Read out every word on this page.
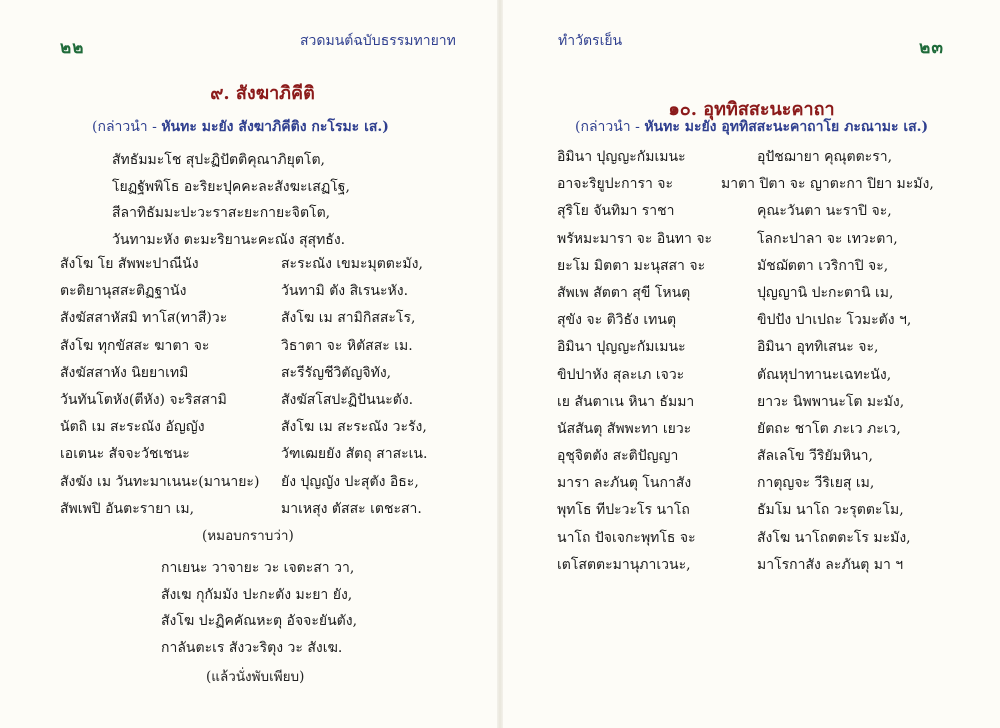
๒๒	สวดมนต์ฉบับธรรมทายาท
๙. สังฆาภิคีติ
(กล่าวนำ - หันทะ มะยัง สังฆาภิคีติง กะโรมะ เส.)
สัทธัมมะโช สุปะฏิปัตติคุณาภิยุตโต,
โยฏฐัพพิโธ อะริยะปุคคะละสังฆะเสฏโฐ,
สีลาทิธัมมะปะวะราสะยะกายะจิตโต,
วันทามะหัง ตะมะริยานะคะณัง สุสุทธัง.
สังโฆ โย สัพพะปาณีนัง	สะระณัง เขมะมุตตะมัง,
ตะติยานุสสะติฏฐานัง	วันทามิ ตัง สิเรนะหัง.
สังฆัสสาหัสมิ ทาโส(ทาสี)วะ	สังโฆ เม สามิกิสสะโร,
สังโฆ ทุกขัสสะ ฆาตา จะ	วิธาตา จะ หิตัสสะ เม.
สังฆัสสาหัง นิยยาเทมิ	สะรีรัญชีวิตัญจิทัง,
วันทันโตหัง(ตีหัง) จะริสสามิ	สังฆัสโสปะฏิปันนะตัง.
นัตถิ เม สะระณัง อัญญัง	สังโฆ เม สะระณัง วะรัง,
เอเตนะ สัจจะวัชเชนะ	วัฑเฒยยัง สัตถุ สาสะเน.
สังฆัง เม วันทะมาเนนะ(มานายะ) ยัง ปุญญัง ปะสุตัง อิธะ,
สัพเพปิ อันตะรายา เม,	มาเหสุง ตัสสะ เตชะสา.
(หมอบกราบว่า)
กาเยนะ วาจายะ วะ เจตะสา วา,
สังเฆ กุกัมมัง ปะกะตัง มะยา ยัง,
สังโฆ ปะฏิคคัณหะตุ อัจจะยันตัง,
กาลันตะเร สังวะริตุง วะ สังเฆ.
(แล้วนั่งพับเพียบ)
๒๓
ทำวัตรเย็น
๑๐. อุททิสสะนะคาถา
(กล่าวนำ - หันทะ มะยัง อุททิสสะนะคาถาโย ภะณามะ เส.)
อิมินา ปุญญะกัมเมนะ	อุปัชฌายา คุณุตตะรา,
อาจะริยูปะการา จะ	มาตา ปิตา จะ ญาตะกา ปิยา มะมัง,
สุริโย จันทิมา ราชา	คุณะวันตา นะราปิ จะ,
พรัหมะมารา จะ อินทา จะ	โลกะปาลา จะ เทวะตา,
ยะโม มิตตา มะนุสสา จะ	มัชฌัตตา เวริกาปิ จะ,
สัพเพ สัตตา สุขี โหนตุ	ปุญญานิ ปะกะตานิ เม,
สุขัง จะ ติวิธัง เทนตุ	ขิปปัง ปาเปถะ โวมะตัง ฯ,
อิมินา ปุญญะกัมเมนะ	อิมินา อุททิเสนะ จะ,
ขิปปาหัง สุละเภ เจวะ	ตัณหุปาทานะเฉทะนัง,
เย สันตาเน หินา ธัมมา	ยาวะ นิพพานะโต มะมัง,
นัสสันตุ สัพพะทา เยวะ	ยัตถะ ชาโต ภะเว ภะเว,
อุชุจิตตัง สะติปัญญา	สัลเลโข วีริยัมหินา,
มารา ละภันตุ โนกาสัง	กาตุญจะ วีริเยสุ เม,
พุทโธ ทีปะวะโร นาโถ	ธัมโม นาโถ วะรุตตะโม,
นาโถ ปัจเจกะพุทโธ จะ	สังโฆ นาโถตตะโร มะมัง,
เตโสตตะมานุภาเวนะ,	มาโรกาสัง ละภันตุ มา ฯ
